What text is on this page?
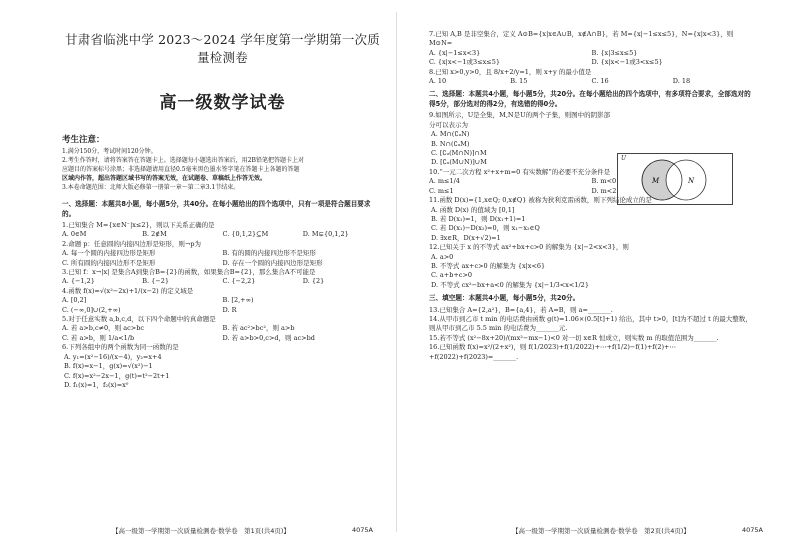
甘肃省临洮中学 2023～2024 学年度第一学期第一次质量检测卷
高一级数学试卷
考生注意：

1.满分150分，考试时间120分钟。

2.考生作答时，请将答案答在答题卡上。选择题每小题选出答案后，用2B铅笔把答题卡上对

应题目的答案标号涂黑；非选择题请用直径0.5毫米黑色墨水签字笔在答题卡上各题的答题

区域内作答，超出答题区域书写的答案无效，在试题卷、草稿纸上作答无效。

3.本卷命题范围：北师大版必修第一册第一章～第二章3.1节结束。

一、选择题：本题共8小题，每小题5分，共40分。在每小题给出的四个选项中，只有一项是符合题目要求的。

1.已知集合 M={x∈N⁻|x≤2}，则以下关系正确的是

A. 0∈M	B. 2∉M	C. {0,1,2}⊆M	D. M⊊{0,1,2}

2.命题 p：任意圆的内接四边形是矩形，则¬p为

A. 每一个圆的内接四边形是矩形	B. 有的圆的内接四边形不是矩形
C. 所有圆的内接四边形不是矩形	D. 存在一个圆的内接四边形是矩形

3.已知 f：x→|x| 是集合A到集合B={2}的函数，如果集合B={2}，那么集合A不可能是

A. {−1,2}	B. {−2}	C. {−2,2}	D. {2}

4.函数 f(x)=√(x²−2x)+1/(x−2) 的定义域是

A. [0,2]	B. [2,+∞)
C. (−∞,0]∪(2,+∞)	D. R

5.对于任意实数 a,b,c,d，以下四个命题中的真命题是

A. 若 a>b,c≠0，则 ac>bc	B. 若 ac²>bc²，则 a>b
C. 若 a>b，则 1/a<1/b	D. 若 a>b>0,c>d，则 ac>bd

6.下列各组中的两个函数为同一函数的是

A. y₁=(x²−16)/(x−4)，y₂=x+4
B. f(x)=x−1，g(x)=√(x²)−1
C. f(x)=x²−2x−1，g(t)=t²−2t+1
D. f₁(x)=1，f₂(x)=x⁰
【高一级第一学期第一次质量检测卷·数学卷　第1页(共4页)】	4075A

7.已知 A,B 是非空集合，定义 A⊙B={x|x∈A∪B，x∉A∩B}，若 M={x|−1≤x≤5}，N={x|x<3}，则 M⊙N=

A. {x|−1≤x<3}	B. {x|3≤x≤5}
C. {x|x<−1或3≤x≤5}	D. {x|x<−1或3<x≤5}

8.已知 x>0,y>0，且 8/x+2/y=1，则 x+y 的最小值是

A. 10	B. 15	C. 16	D. 18
二、选择题：本题共4小题，每小题5分，共20分。在每小题给出的四个选项中，有多项符合要求，全部选对的得5分，部分选对的得2分，有选错的得0分。

9.如图所示，U是全集，M,N是U的两个子集，则图中的阴影部分可以表示为

A. M∩(∁ᵤN)
B. N∩(∁ᵤM)
C. [∁ᵤ(M∩N)]∩M
D. [∁ᵤ(M∪N)]∪M

10.“一元二次方程 x²+x+m=0 有实数解”的必要不充分条件是

A. m≤1/4	B. m<0
C. m≤1	D. m<2

11.函数 D(x)={1,x∈Q; 0,x∉Q} 被称为狄利克雷函数，则下列结论成立的是

A. 函数 D(x) 的值域为 [0,1]
B. 若 D(x₁)=1，则 D(x₁+1)=1
C. 若 D(x₁)−D(x₂)=0，则 x₁−x₂∈Q
D. ∃x∈R，D(x+√2)=1

12.已知关于 x 的不等式 ax²+bx+c>0 的解集为 {x|−2<x<3}，则

A. a>0
B. 不等式 ax+c>0 的解集为 {x|x<6}
C. a+b+c>0
D. 不等式 cx²−bx+a<0 的解集为 {x|−1/3<x<1/2}
三、填空题：本题共4小题，每小题5分，共20分。

13.已知集合 A={2,a²}，B={a,4}，若 A=B，则 a=_______.

14.从甲市到乙市 t min 的电话费由函数 g(t)=1.06×(0.5[t]+1) 给出，其中 t>0，[t]为不超过 t 的最大整数，则从甲市到乙市 5.5 min 的电话费为_______元.

15.若不等式 (x²−8x+20)/(mx²−mx−1)<0 对一切 x∈R 恒成立，则实数 m 的取值范围为_______.

16.已知函数 f(x)=x²/(2+x²)，则 f(1/2023)+f(1/2022)+⋯+f(1/2)−f(1)+f(2)+⋯+f(2022)+f(2023)=_______.

U
M	N
【高一级第一学期第一次质量检测卷·数学卷　第2页(共4页)】	4075A
